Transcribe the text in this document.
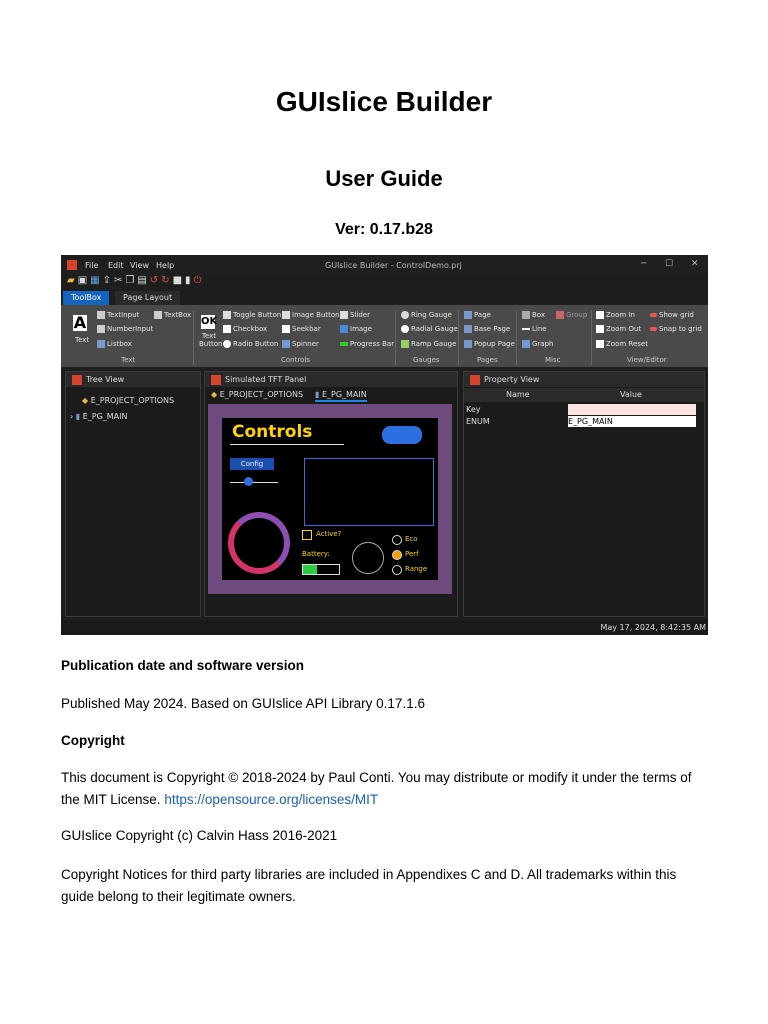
GUIslice Builder
User Guide
Ver: 0.17.b28
File Edit View Help	GUIslice Builder - ControlDemo.prj	─ ☐ ✕
▰ ▣ ▦ ⇪ ✂ ❐ ▤ ↺ ↻ ■ ▮ ⏻
ToolBox	Page Layout
A
Text
TextInput
NumberInput
Listbox
TextBox
Text
OK
Text Button
Toggle Button
Checkbox
Radio Button
Image Button
Seekbar
Spinner
Slider
Image
Progress Bar
Controls
Ring Gauge
Radial Gauge
Ramp Gauge
Gauges
Page
Base Page
Popup Page
Pages
Box
Line
Graph
Group
Misc
Zoom In
Zoom Out
Zoom Reset
Show grid
Snap to grid
View/Editor
Tree View
◆ E_PROJECT_OPTIONS
› ▮ E_PG_MAIN
Simulated TFT Panel
◆ E_PROJECT_OPTIONS ▮ E_PG_MAIN
Controls
Config
Active?
Battery:
Eco
Perf
Range
Property View
Name	Value
Key
ENUM	E_PG_MAIN
May 17, 2024, 8:42:35 AM
Publication date and software version
Published May 2024. Based on GUIslice API Library 0.17.1.6
Copyright
This document is Copyright © 2018-2024 by Paul Conti. You may distribute or modify it under the terms of the MIT License. https://opensource.org/licenses/MIT
GUIslice Copyright (c) Calvin Hass 2016-2021
Copyright Notices for third party libraries are included in Appendixes C and D. All trademarks within this guide belong to their legitimate owners.
